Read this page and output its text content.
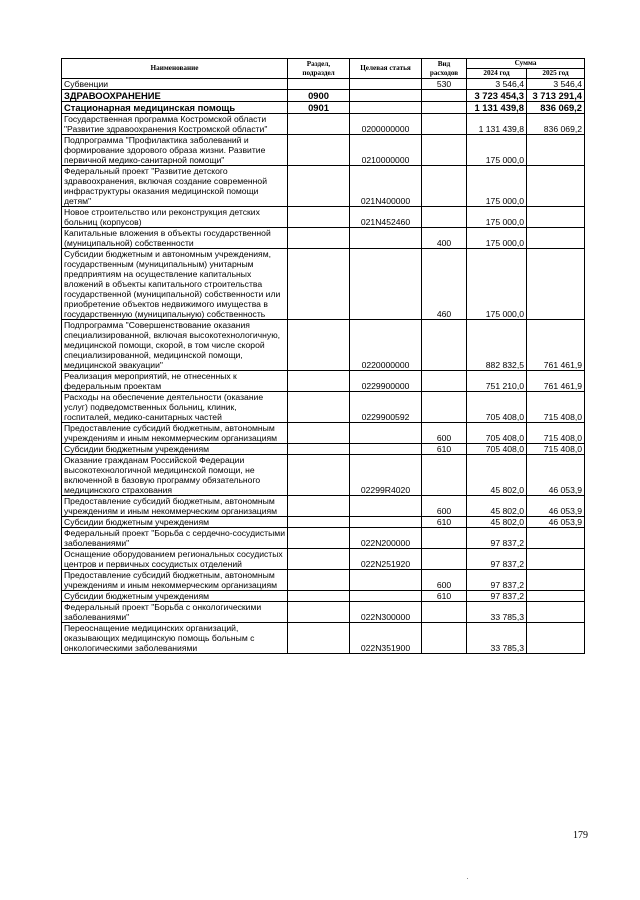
Наименование	Раздел, подраздел	Целевая статья	Вид расходов	Сумма	
				2024 год	2025 год
Субвенции			530	3 546,4	3 546,4
ЗДРАВООХРАНЕНИЕ	0900			3 723 454,3	3 713 291,4
Стационарная медицинская помощь	0901			1 131 439,8	836 069,2
Государственная программа Костромской области "Развитие здравоохранения Костромской области"		0200000000		1 131 439,8	836 069,2
Подпрограмма "Профилактика заболеваний и формирование здорового образа жизни. Развитие первичной медико-санитарной помощи"		0210000000		175 000,0	
Федеральный проект "Развитие детского здравоохранения, включая создание современной инфраструктуры оказания медицинской помощи детям"		021N400000		175 000,0	
Новое строительство или реконструкция детских больниц (корпусов)		021N452460		175 000,0	
Капитальные вложения в объекты государственной (муниципальной) собственности			400	175 000,0	
Субсидии бюджетным и автономным учреждениям, государственным (муниципальным) унитарным предприятиям на осуществление капитальных вложений в объекты капитального строительства государственной (муниципальной) собственности или приобретение объектов недвижимого имущества в государственную (муниципальную) собственность			460	175 000,0	
Подпрограмма "Совершенствование оказания специализированной, включая высокотехнологичную, медицинской помощи, скорой, в том числе скорой специализированной, медицинской помощи, медицинской эвакуации"		0220000000		882 832,5	761 461,9
Реализация мероприятий, не отнесенных к федеральным проектам		0229900000		751 210,0	761 461,9
Расходы на обеспечение деятельности (оказание услуг) подведомственных больниц, клиник, госпиталей, медико-санитарных частей		0229900592		705 408,0	715 408,0
Предоставление субсидий бюджетным, автономным учреждениям и иным некоммерческим организациям			600	705 408,0	715 408,0
Субсидии бюджетным учреждениям			610	705 408,0	715 408,0
Оказание гражданам Российской Федерации высокотехнологичной медицинской помощи, не включенной в базовую программу обязательного медицинского страхования		02299R4020		45 802,0	46 053,9
Предоставление субсидий бюджетным, автономным учреждениям и иным некоммерческим организациям			600	45 802,0	46 053,9
Субсидии бюджетным учреждениям			610	45 802,0	46 053,9
Федеральный проект "Борьба с сердечно-сосудистыми заболеваниями"		022N200000		97 837,2	
Оснащение оборудованием региональных сосудистых центров и первичных сосудистых отделений		022N251920		97 837,2	
Предоставление субсидий бюджетным, автономным учреждениям и иным некоммерческим организациям			600	97 837,2	
Субсидии бюджетным учреждениям			610	97 837,2	
Федеральный проект "Борьба с онкологическими заболеваниями"		022N300000		33 785,3	
Переоснащение медицинских организаций, оказывающих медицинскую помощь больным с онкологическими заболеваниями		022N351900		33 785,3	
179
